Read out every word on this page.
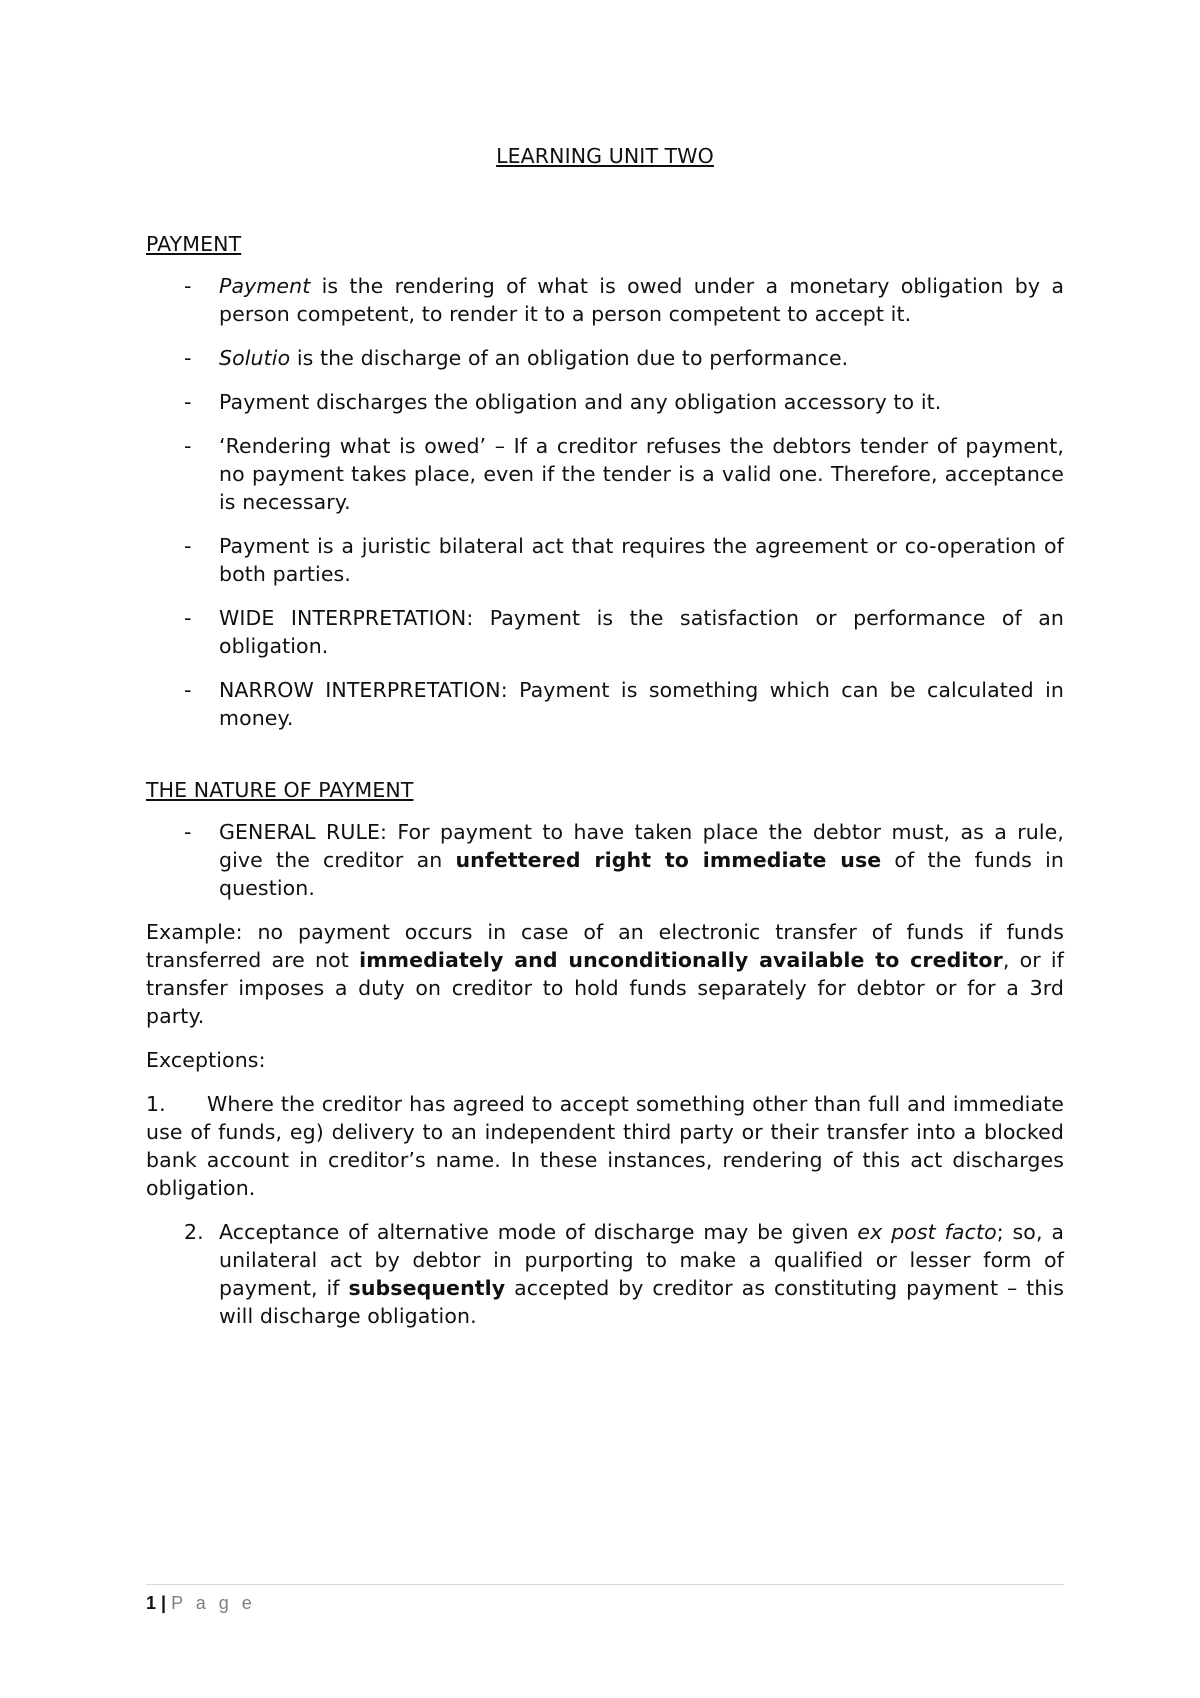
LEARNING UNIT TWO
PAYMENT
- Payment is the rendering of what is owed under a monetary obligation by a person competent, to render it to a person competent to accept it.
- Solutio is the discharge of an obligation due to performance.
- Payment discharges the obligation and any obligation accessory to it.
- ‘Rendering what is owed’ – If a creditor refuses the debtors tender of payment, no payment takes place, even if the tender is a valid one. Therefore, acceptance is necessary.
- Payment is a juristic bilateral act that requires the agreement or co-operation of both parties.
- WIDE INTERPRETATION: Payment is the satisfaction or performance of an obligation.
- NARROW INTERPRETATION: Payment is something which can be calculated in money.
THE NATURE OF PAYMENT
- GENERAL RULE: For payment to have taken place the debtor must, as a rule, give the creditor an unfettered right to immediate use of the funds in question.

Example: no payment occurs in case of an electronic transfer of funds if funds transferred are not immediately and unconditionally available to creditor, or if transfer imposes a duty on creditor to hold funds separately for debtor or for a 3rd party.

Exceptions:

1. Where the creditor has agreed to accept something other than full and immediate use of funds, eg) delivery to an independent third party or their transfer into a blocked bank account in creditor’s name. In these instances, rendering of this act discharges obligation.

2. Acceptance of alternative mode of discharge may be given ex post facto; so, a unilateral act by debtor in purporting to make a qualified or lesser form of payment, if subsequently accepted by creditor as constituting payment – this will discharge obligation.

1 | P a g e
